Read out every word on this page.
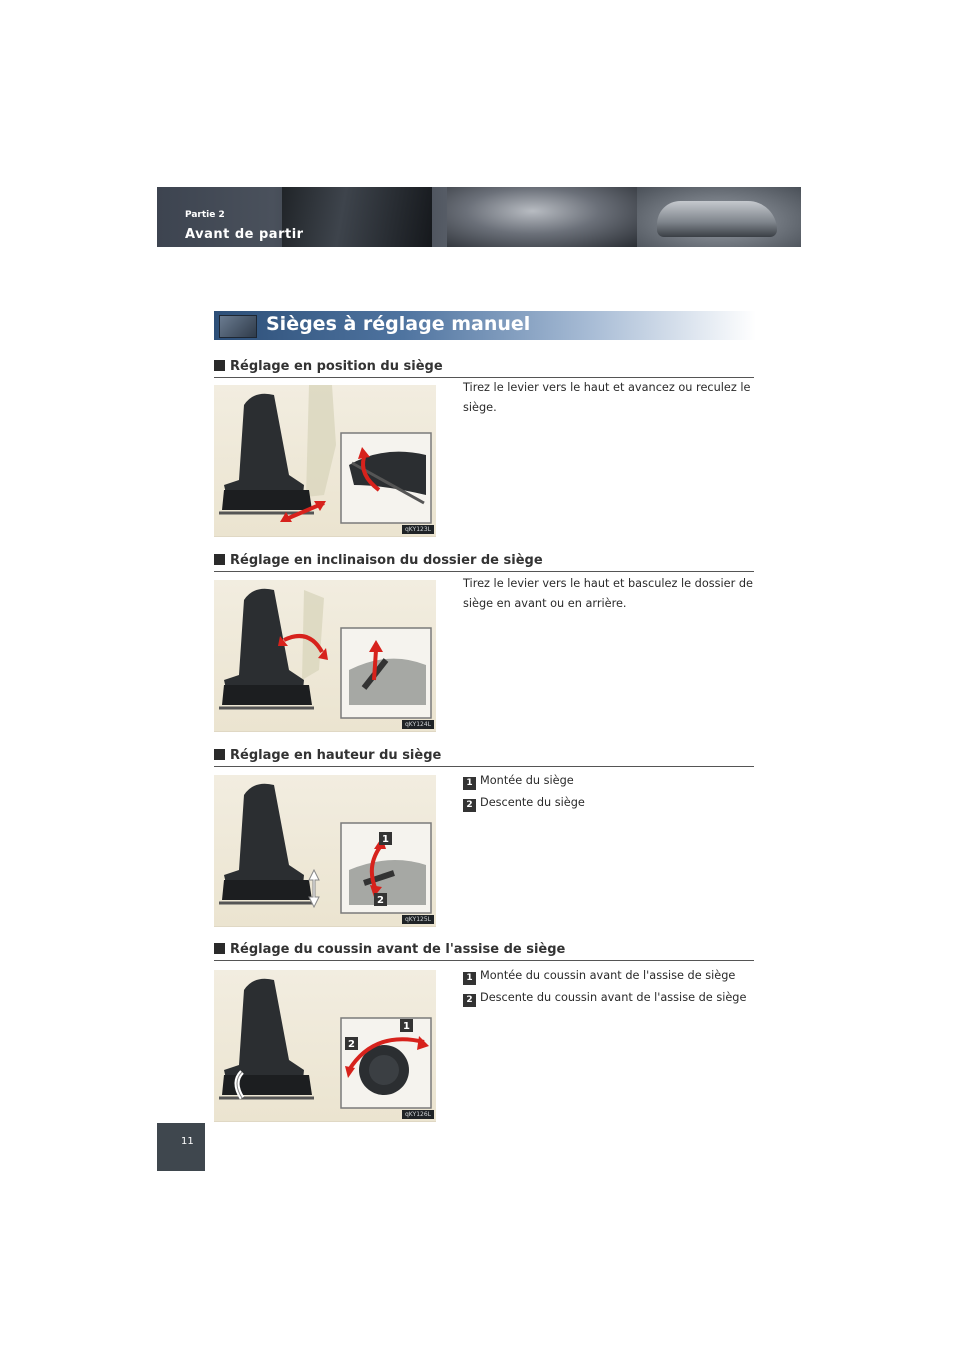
Partie 2
Avant de partir
Sièges à réglage manuel
Réglage en position du siège
qKY123L
Tirez le levier vers le haut et avancez ou reculez le siège.
Réglage en inclinaison du dossier de siège
qKY124L
Tirez le levier vers le haut et basculez le dossier de siège en avant ou en arrière.
Réglage en hauteur du siège
1
2
qKY125L
1 Montée du siège
2 Descente du siège
Réglage du coussin avant de l'assise de siège
1
2
qKY126L
1 Montée du coussin avant de l'assise de siège
2 Descente du coussin avant de l'assise de siège
11
